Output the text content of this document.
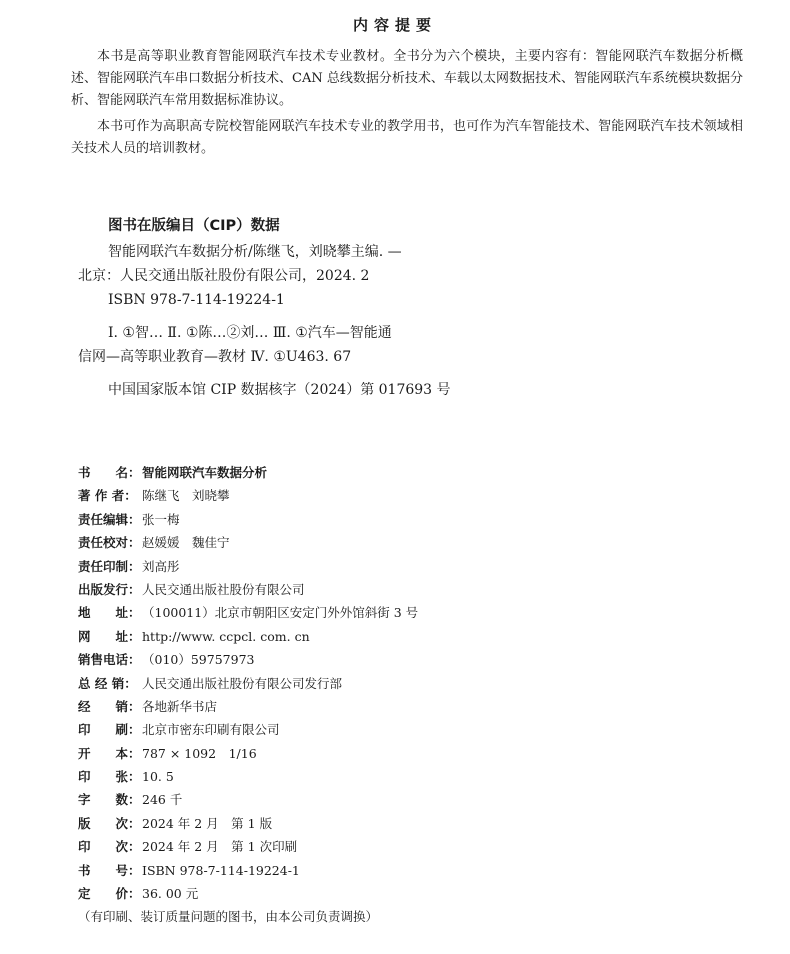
内容提要

本书是高等职业教育智能网联汽车技术专业教材。全书分为六个模块，主要内容有：智能网联汽车数据分析概述、智能网联汽车串口数据分析技术、CAN 总线数据分析技术、车载以太网数据技术、智能网联汽车系统模块数据分析、智能网联汽车常用数据标准协议。

本书可作为高职高专院校智能网联汽车技术专业的教学用书，也可作为汽车智能技术、智能网联汽车技术领域相关技术人员的培训教材。

图书在版编目（CIP）数据
智能网联汽车数据分析/陈继飞，刘晓攀主编. —
北京：人民交通出版社股份有限公司，2024. 2
ISBN 978-7-114-19224-1
Ⅰ. ①智… Ⅱ. ①陈…②刘… Ⅲ. ①汽车—智能通
信网—高等职业教育—教材 Ⅳ. ①U463. 67
中国国家版本馆 CIP 数据核字（2024）第 017693 号
书　　名：智能网联汽车数据分析
著 作 者： 陈继飞　刘晓攀
责任编辑：张一梅
责任校对：赵媛媛　魏佳宁
责任印制：刘高彤
出版发行：人民交通出版社股份有限公司
地　　址：（100011）北京市朝阳区安定门外外馆斜街 3 号
网　　址：http://www. ccpcl. com. cn
销售电话：（010）59757973
总 经 销： 人民交通出版社股份有限公司发行部
经　　销：各地新华书店
印　　刷：北京市密东印刷有限公司
开　　本：787 × 1092　1/16
印　　张：10. 5
字　　数：246 千
版　　次：2024 年 2 月　第 1 版
印　　次：2024 年 2 月　第 1 次印刷
书　　号：ISBN 978-7-114-19224-1
定　　价：36. 00 元
（有印刷、装订质量问题的图书，由本公司负责调换）
